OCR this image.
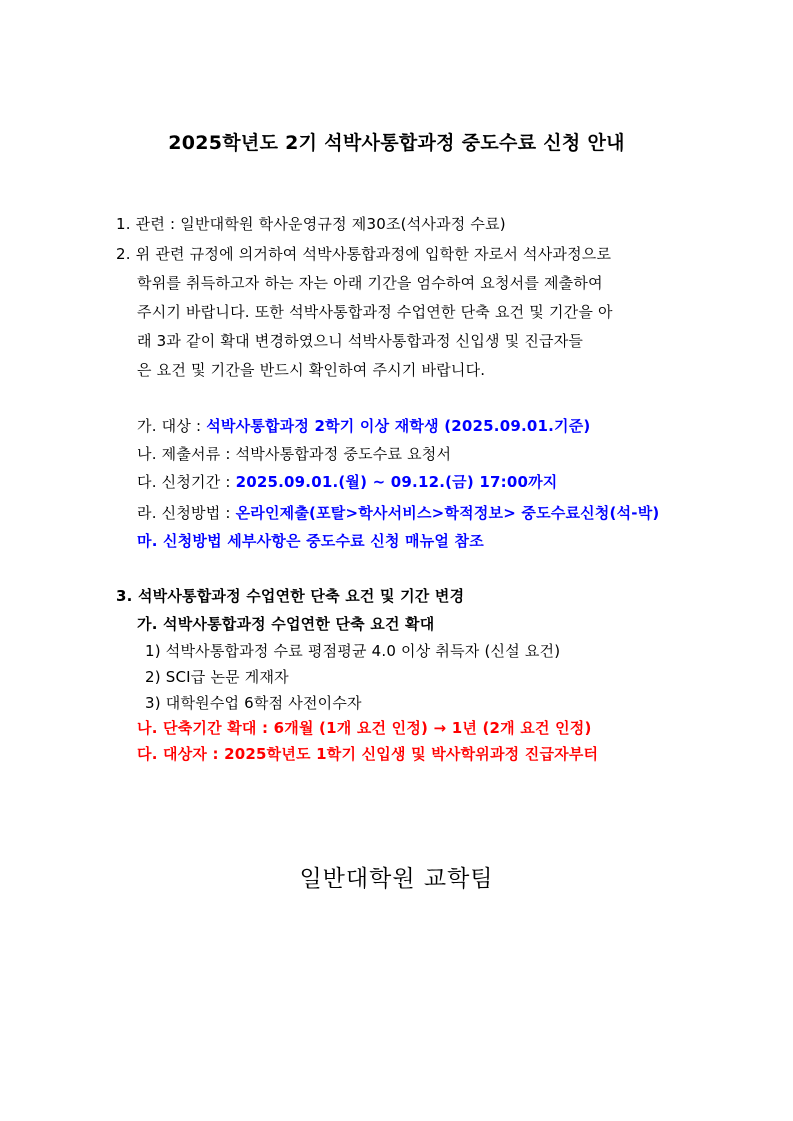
2025학년도 2기 석박사통합과정 중도수료 신청 안내
1. 관련 : 일반대학원 학사운영규정 제30조(석사과정 수료)
2. 위 관련 규정에 의거하여 석박사통합과정에 입학한 자로서 석사과정으로
학위를 취득하고자 하는 자는 아래 기간을 엄수하여 요청서를 제출하여
주시기 바랍니다. 또한 석박사통합과정 수업연한 단축 요건 및 기간을 아
래 3과 같이 확대 변경하였으니 석박사통합과정 신입생 및 진급자들
은 요건 및 기간을 반드시 확인하여 주시기 바랍니다.
가. 대상 : 석박사통합과정 2학기 이상 재학생 (2025.09.01.기준)
나. 제출서류 : 석박사통합과정 중도수료 요청서
다. 신청기간 : 2025.09.01.(월) ~ 09.12.(금) 17:00까지
라. 신청방법 : 온라인제출(포탈>학사서비스>학적정보> 중도수료신청(석-박)
마. 신청방법 세부사항은 중도수료 신청 매뉴얼 참조
3. 석박사통합과정 수업연한 단축 요건 및 기간 변경
가. 석박사통합과정 수업연한 단축 요건 확대
1) 석박사통합과정 수료 평점평균 4.0 이상 취득자 (신설 요건)
2) SCI급 논문 게재자
3) 대학원수업 6학점 사전이수자
나. 단축기간 확대 : 6개월 (1개 요건 인정) → 1년 (2개 요건 인정)
다. 대상자 : 2025학년도 1학기 신입생 및 박사학위과정 진급자부터
일반대학원 교학팀
